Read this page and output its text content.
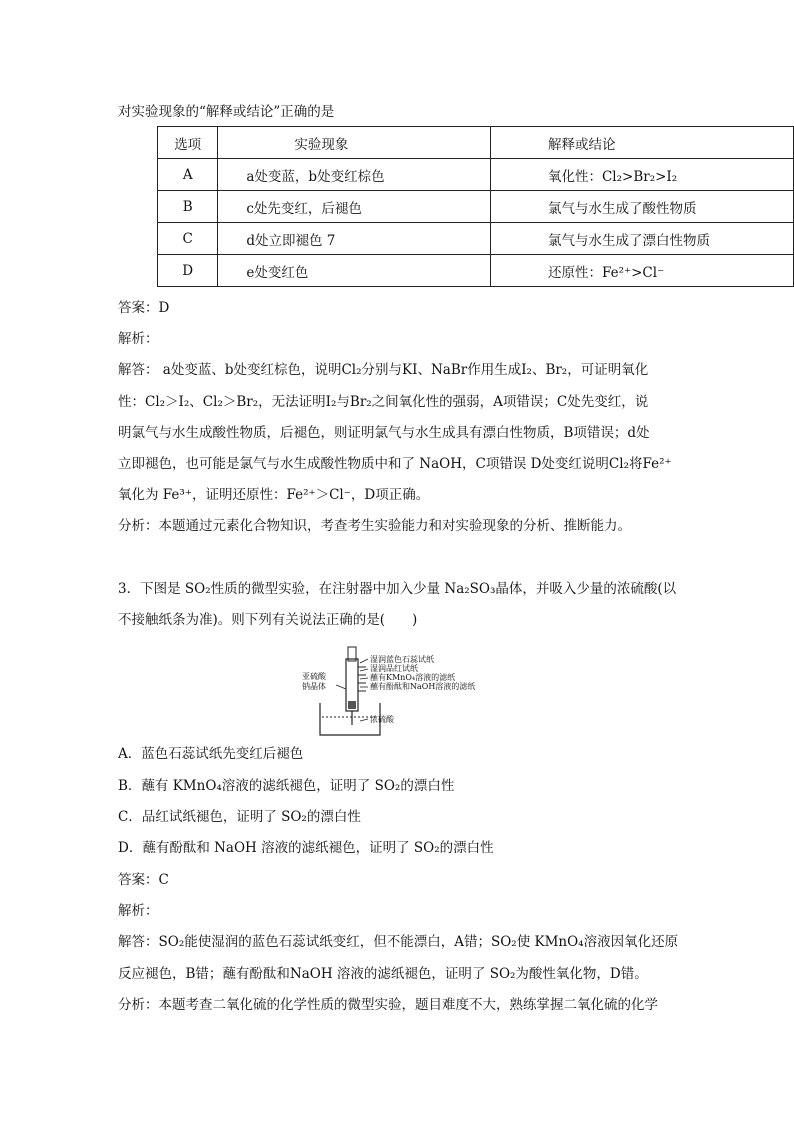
对实验现象的“解释或结论”正确的是
选项	实验现象	解释或结论
A	a处变蓝，b处变红棕色	氧化性：Cl₂>Br₂>I₂
B	c处先变红，后褪色	氯气与水生成了酸性物质
C	d处立即褪色 7	氯气与水生成了漂白性物质
D	e处变红色	还原性：Fe²⁺>Cl⁻
答案：D
解析：
解答： a处变蓝、b处变红棕色，说明Cl₂分别与KI、NaBr作用生成I₂、Br₂，可证明氧化
性：Cl₂＞I₂、Cl₂＞Br₂，无法证明I₂与Br₂之间氧化性的强弱，A项错误；C处先变红，说
明氯气与水生成酸性物质，后褪色，则证明氯气与水生成具有漂白性物质，B项错误；d处
立即褪色，也可能是氯气与水生成酸性物质中和了 NaOH，C项错误 D处变红说明Cl₂将Fe²⁺
氧化为 Fe³⁺，证明还原性：Fe²⁺＞Cl⁻，D项正确。
分析：本题通过元素化合物知识，考查考生实验能力和对实验现象的分析、推断能力。
3．下图是 SO₂性质的微型实验，在注射器中加入少量 Na₂SO₃晶体，并吸入少量的浓硫酸(以
不接触纸条为准)。则下列有关说法正确的是(　　)
湿润蓝色石蕊试纸
湿润品红试纸
蘸有KMnO₄溶液的滤纸
蘸有酚酞和NaOH溶液的滤纸
亚硫酸
钠晶体
浓硫酸
A．蓝色石蕊试纸先变红后褪色
B．蘸有 KMnO₄溶液的滤纸褪色，证明了 SO₂的漂白性
C．品红试纸褪色，证明了 SO₂的漂白性
D．蘸有酚酞和 NaOH 溶液的滤纸褪色，证明了 SO₂的漂白性
答案：C
解析：
解答：SO₂能使湿润的蓝色石蕊试纸变红，但不能漂白，A错；SO₂使 KMnO₄溶液因氧化还原
反应褪色，B错；蘸有酚酞和NaOH 溶液的滤纸褪色，证明了 SO₂为酸性氧化物，D错。
分析：本题考查二氧化硫的化学性质的微型实验，题目难度不大，熟练掌握二氧化硫的化学
